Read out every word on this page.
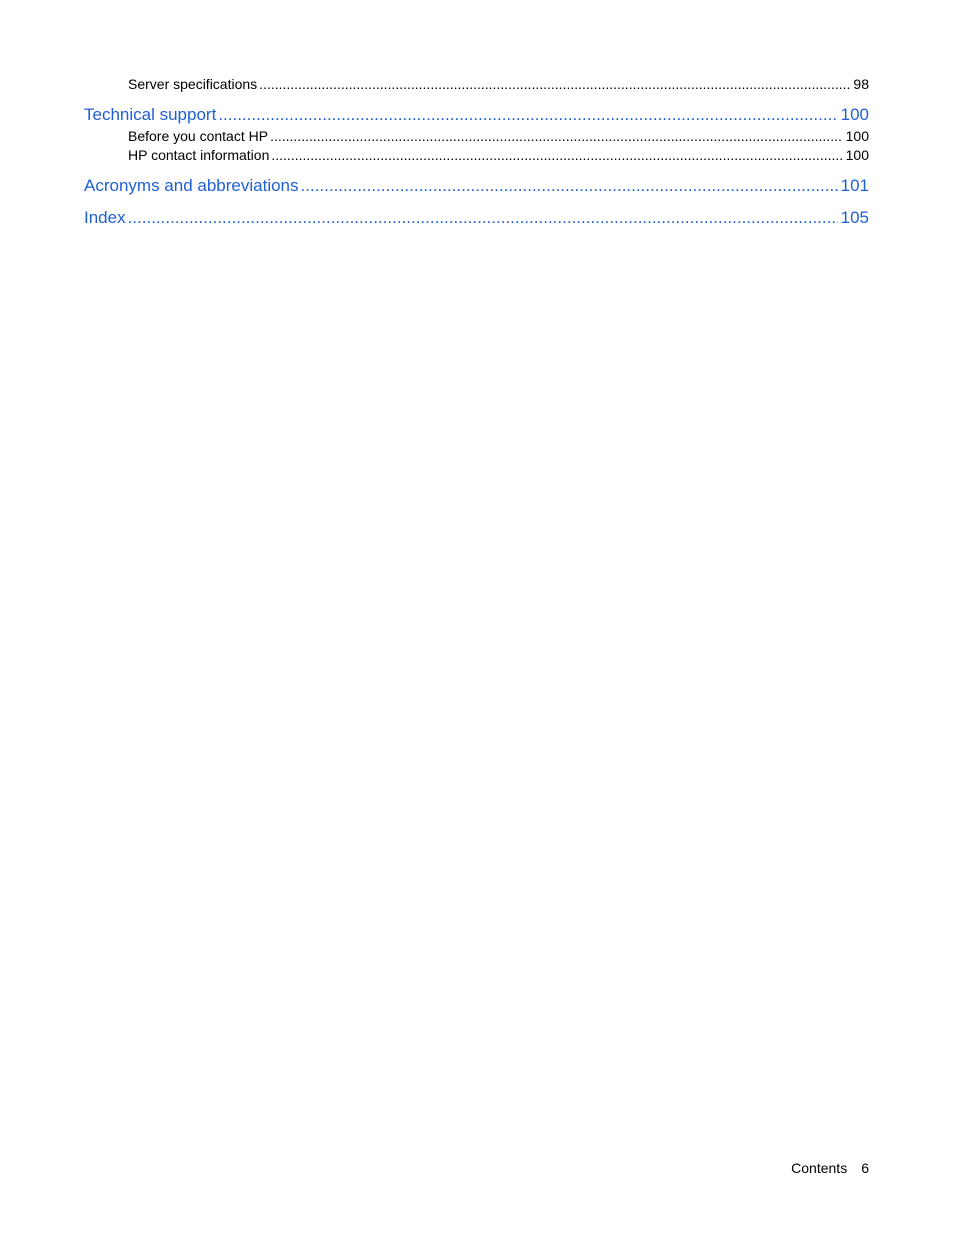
Server specifications .....	98
Technical support .....	100
Before you contact HP .....	100
HP contact information .....	100
Acronyms and abbreviations .....	101
Index .....	105
Contents 6
